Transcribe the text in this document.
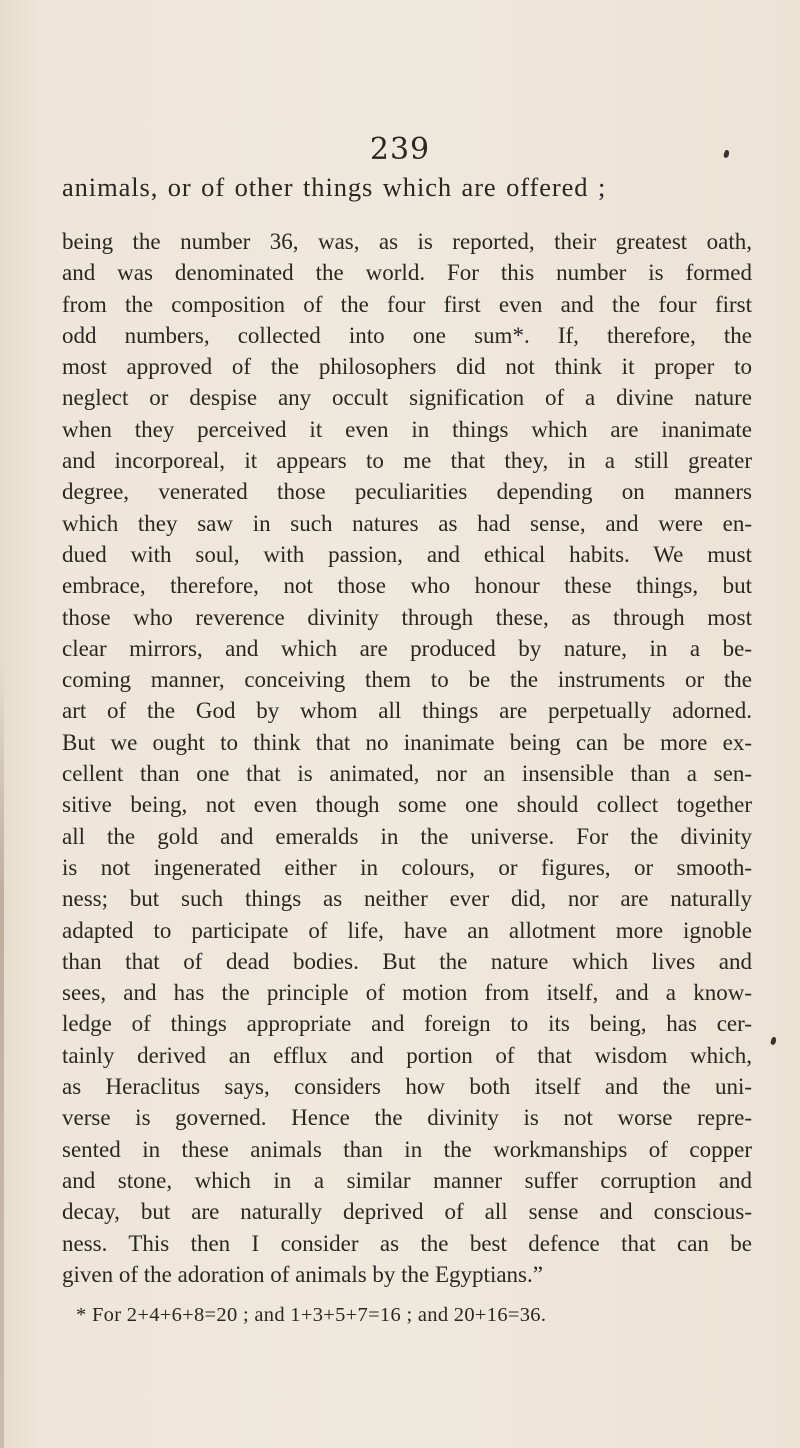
239

animals, or of other things which are offered ;

being the number 36, was, as is reported, their greatest oath,
and was denominated the world. For this number is formed
from the composition of the four first even and the four first
odd numbers, collected into one sum*. If, therefore, the
most approved of the philosophers did not think it proper to
neglect or despise any occult signification of a divine nature
when they perceived it even in things which are inanimate
and incorporeal, it appears to me that they, in a still greater
degree, venerated those peculiarities depending on manners
which they saw in such natures as had sense, and were en-
dued with soul, with passion, and ethical habits. We must
embrace, therefore, not those who honour these things, but
those who reverence divinity through these, as through most
clear mirrors, and which are produced by nature, in a be-
coming manner, conceiving them to be the instruments or the
art of the God by whom all things are perpetually adorned.
But we ought to think that no inanimate being can be more ex-
cellent than one that is animated, nor an insensible than a sen-
sitive being, not even though some one should collect together
all the gold and emeralds in the universe. For the divinity
is not ingenerated either in colours, or figures, or smooth-
ness; but such things as neither ever did, nor are naturally
adapted to participate of life, have an allotment more ignoble
than that of dead bodies. But the nature which lives and
sees, and has the principle of motion from itself, and a know-
ledge of things appropriate and foreign to its being, has cer-
tainly derived an efflux and portion of that wisdom which,
as Heraclitus says, considers how both itself and the uni-
verse is governed. Hence the divinity is not worse repre-
sented in these animals than in the workmanships of copper
and stone, which in a similar manner suffer corruption and
decay, but are naturally deprived of all sense and conscious-
ness. This then I consider as the best defence that can be
given of the adoration of animals by the Egyptians.”

* For 2+4+6+8=20 ; and 1+3+5+7=16 ; and 20+16=36.
